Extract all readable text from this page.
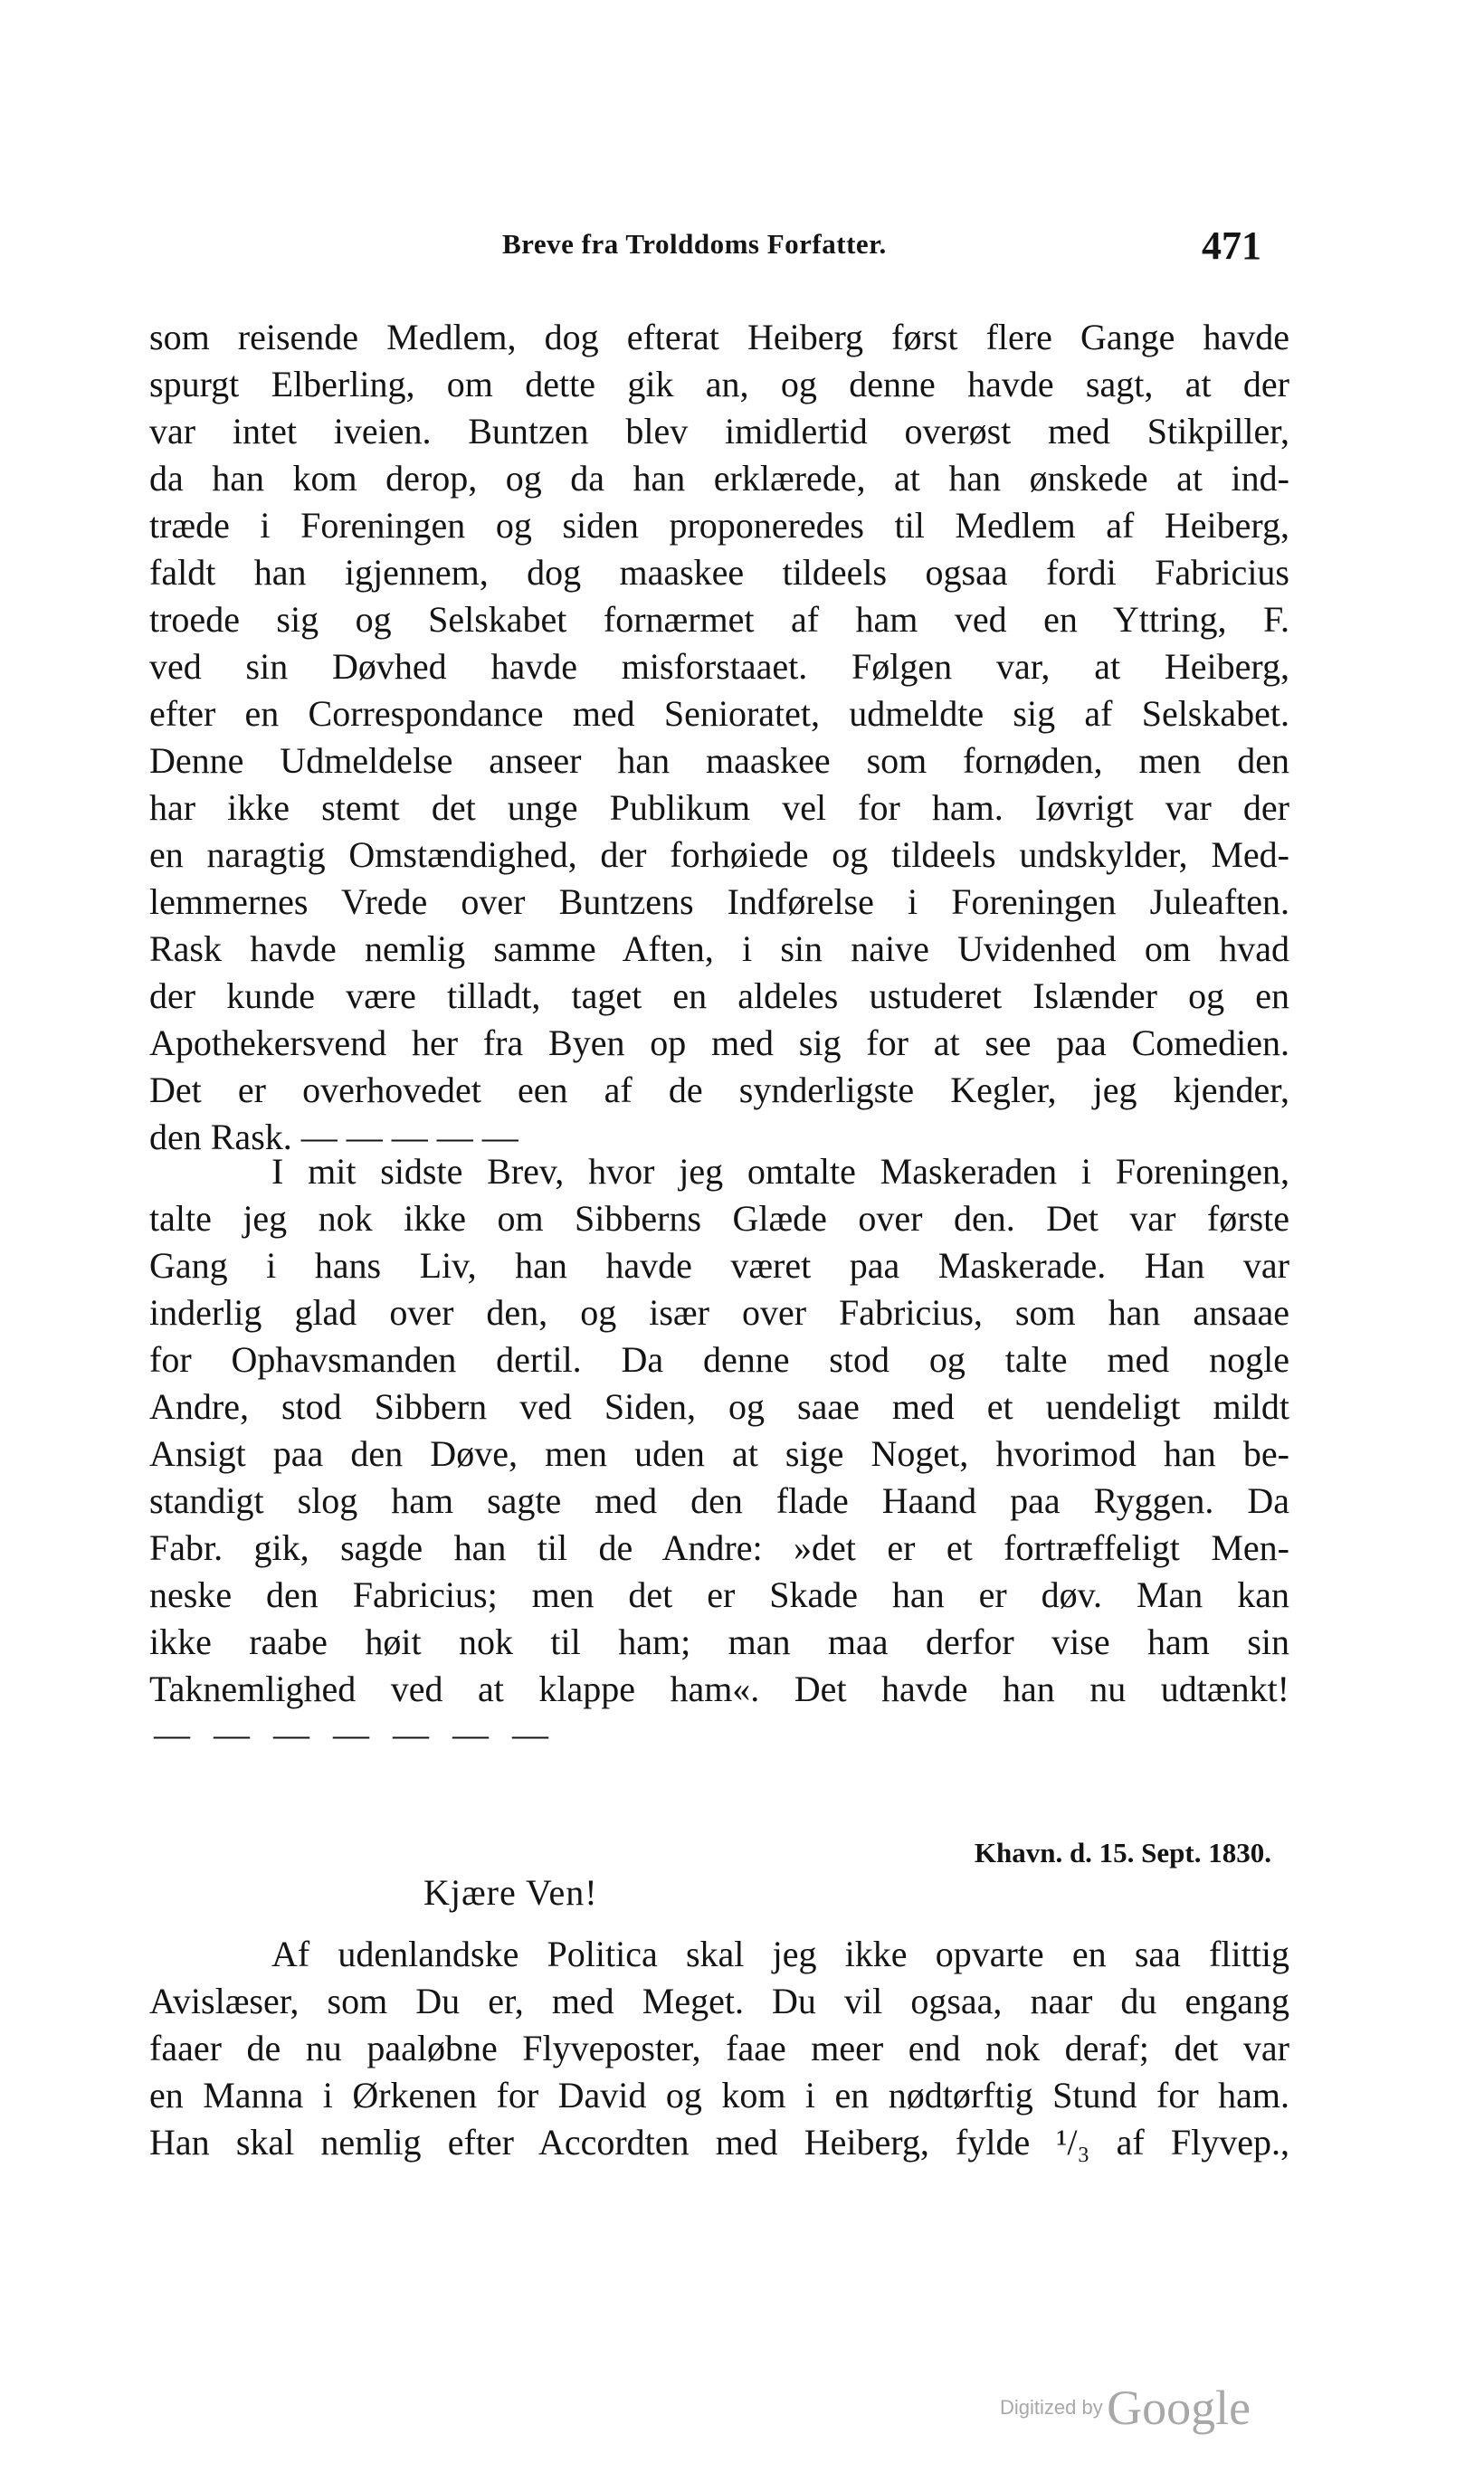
Breve fra Trolddoms Forfatter.	471
som reisende Medlem, dog efterat Heiberg først flere Gange havde
spurgt Elberling, om dette gik an, og denne havde sagt, at der
var intet iveien. Buntzen blev imidlertid overøst med Stikpiller,
da han kom derop, og da han erklærede, at han ønskede at ind-
træde i Foreningen og siden proponeredes til Medlem af Heiberg,
faldt han igjennem, dog maaskee tildeels ogsaa fordi Fabricius
troede sig og Selskabet fornærmet af ham ved en Yttring, F.
ved sin Døvhed havde misforstaaet. Følgen var, at Heiberg,
efter en Correspondance med Senioratet, udmeldte sig af Selskabet.
Denne Udmeldelse anseer han maaskee som fornøden, men den
har ikke stemt det unge Publikum vel for ham. Iøvrigt var der
en naragtig Omstændighed, der forhøiede og tildeels undskylder, Med-
lemmernes Vrede over Buntzens Indførelse i Foreningen Juleaften.
Rask havde nemlig samme Aften, i sin naive Uvidenhed om hvad
der kunde være tilladt, taget en aldeles ustuderet Islænder og en
Apothekersvend her fra Byen op med sig for at see paa Comedien.
Det er overhovedet een af de synderligste Kegler, jeg kjender,
den Rask. — — — — —
I mit sidste Brev, hvor jeg omtalte Maskeraden i Foreningen,
talte jeg nok ikke om Sibberns Glæde over den. Det var første
Gang i hans Liv, han havde været paa Maskerade. Han var
inderlig glad over den, og især over Fabricius, som han ansaae
for Ophavsmanden dertil. Da denne stod og talte med nogle
Andre, stod Sibbern ved Siden, og saae med et uendeligt mildt
Ansigt paa den Døve, men uden at sige Noget, hvorimod han be-
standigt slog ham sagte med den flade Haand paa Ryggen. Da
Fabr. gik, sagde han til de Andre: »det er et fortræffeligt Men-
neske den Fabricius; men det er Skade han er døv. Man kan
ikke raabe høit nok til ham; man maa derfor vise ham sin
Taknemlighed ved at klappe ham«. Det havde han nu udtænkt!
— — — — — — —
Khavn. d. 15. Sept. 1830.
Kjære Ven!
Af udenlandske Politica skal jeg ikke opvarte en saa flittig
Avislæser, som Du er, med Meget. Du vil ogsaa, naar du engang
faaer de nu paaløbne Flyveposter, faae meer end nok deraf; det var
en Manna i Ørkenen for David og kom i en nødtørftig Stund for ham.
Han skal nemlig efter Accordten med Heiberg, fylde ¹/₃ af Flyvep.,
Digitized by Google
